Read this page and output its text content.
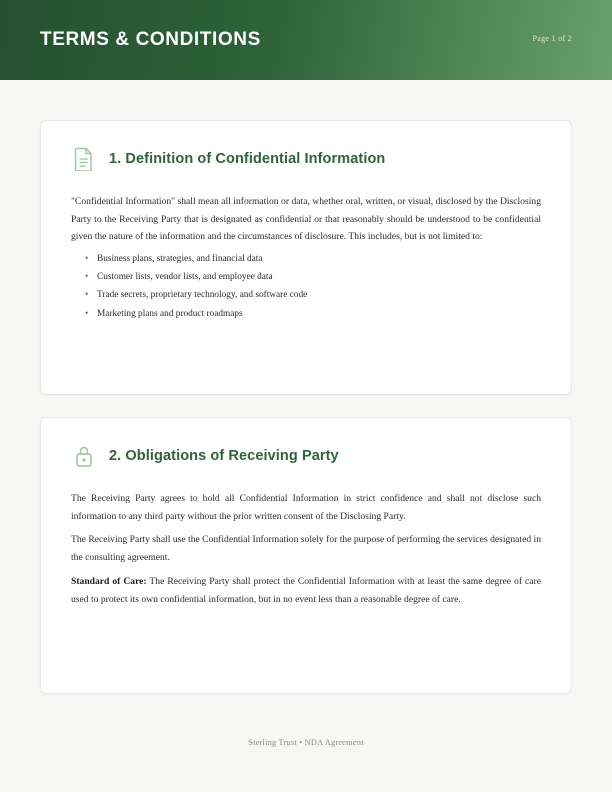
TERMS & CONDITIONS	Page 1 of 2
1. Definition of Confidential Information

"Confidential Information" shall mean all information or data, whether oral, written, or visual, disclosed by the Disclosing Party to the Receiving Party that is designated as confidential or that reasonably should be understood to be confidential given the nature of the information and the circumstances of disclosure. This includes, but is not limited to:

• Business plans, strategies, and financial data
• Customer lists, vendor lists, and employee data
• Trade secrets, proprietary technology, and software code
• Marketing plans and product roadmaps
2. Obligations of Receiving Party

The Receiving Party agrees to hold all Confidential Information in strict confidence and shall not disclose such information to any third party without the prior written consent of the Disclosing Party.

The Receiving Party shall use the Confidential Information solely for the purpose of performing the services designated in the consulting agreement.

Standard of Care: The Receiving Party shall protect the Confidential Information with at least the same degree of care used to protect its own confidential information, but in no event less than a reasonable degree of care.

Sterling Trust • NDA Agreement
